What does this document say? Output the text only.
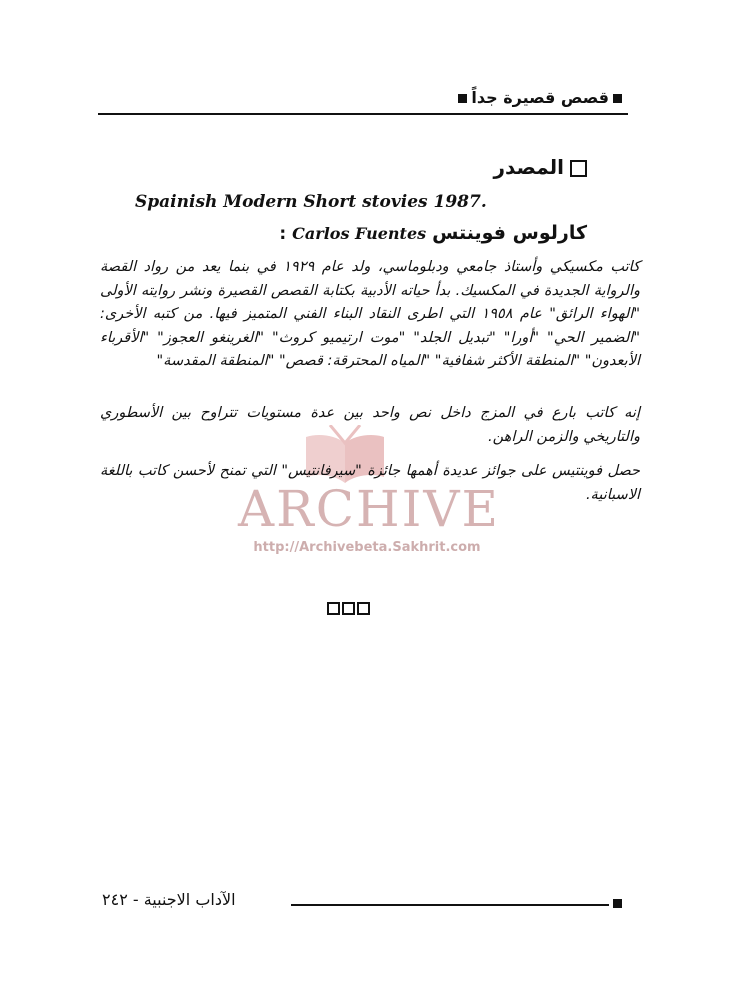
قصص قصيرة جداً
المصدر
Spainish Modern Short stovies 1987.
كارلوس فوينتسCarlos Fuentes:
كاتب مكسيكي وأستاذ جامعي ودبلوماسي، ولد عام ١٩٢٩ في بنما يعد من رواد القصة والرواية الجديدة في المكسيك. بدأ حياته الأدبية بكتابة القصص القصيرة ونشر روايته الأولى "الهواء الرائق" عام ١٩٥٨ التي اطرى النقاد البناء الفني المتميز فيها. من كتبه الأخرى: "الضمير الحي" "أورا" "تبديل الجلد" "موت ارتيميو كروث" "الغرينغو العجوز" "الأقرباء الأبعدون" "المنطقة الأكثر شفافية" "المياه المحترقة: قصص" "المنطقة المقدسة"
ARCHIVE
http://Archivebeta.Sakhrit.com
إنه كاتب بارع في المزج داخل نص واحد بين عدة مستويات تتراوح بين الأسطوري والتاريخي والزمن الراهن.
حصل فوينتيس على جوائز عديدة أهمها جائزة "سيرفانتيس" التي تمنح لأحسن كاتب باللغة الاسبانية.
الآداب الاجنبية - ٢٤٢
